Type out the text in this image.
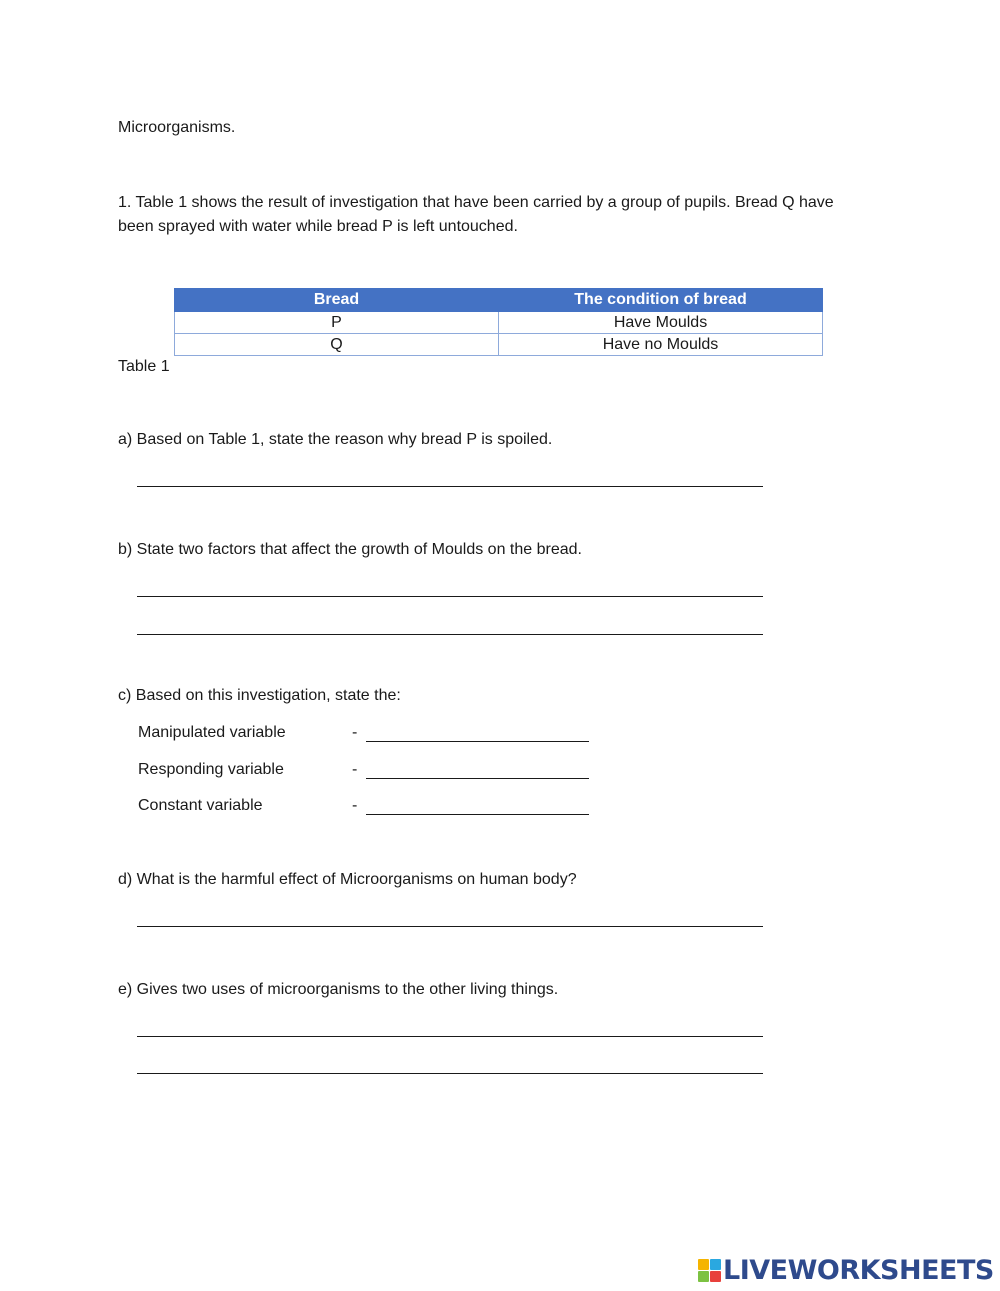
Microorganisms.
1. Table 1 shows the result of investigation that have been carried by a group of pupils. Bread Q have been sprayed with water while bread P is left untouched.
Bread	The condition of bread
P	Have Moulds
Q	Have no Moulds
Table 1
a) Based on Table 1, state the reason why bread P is spoiled.
b) State two factors that affect the growth of Moulds on the bread.
c) Based on this investigation, state the:
Manipulated variable	-
Responding variable	-
Constant variable	-
d) What is the harmful effect of Microorganisms on human body?
e) Gives two uses of microorganisms to the other living things.
LIVEWORKSHEETS
